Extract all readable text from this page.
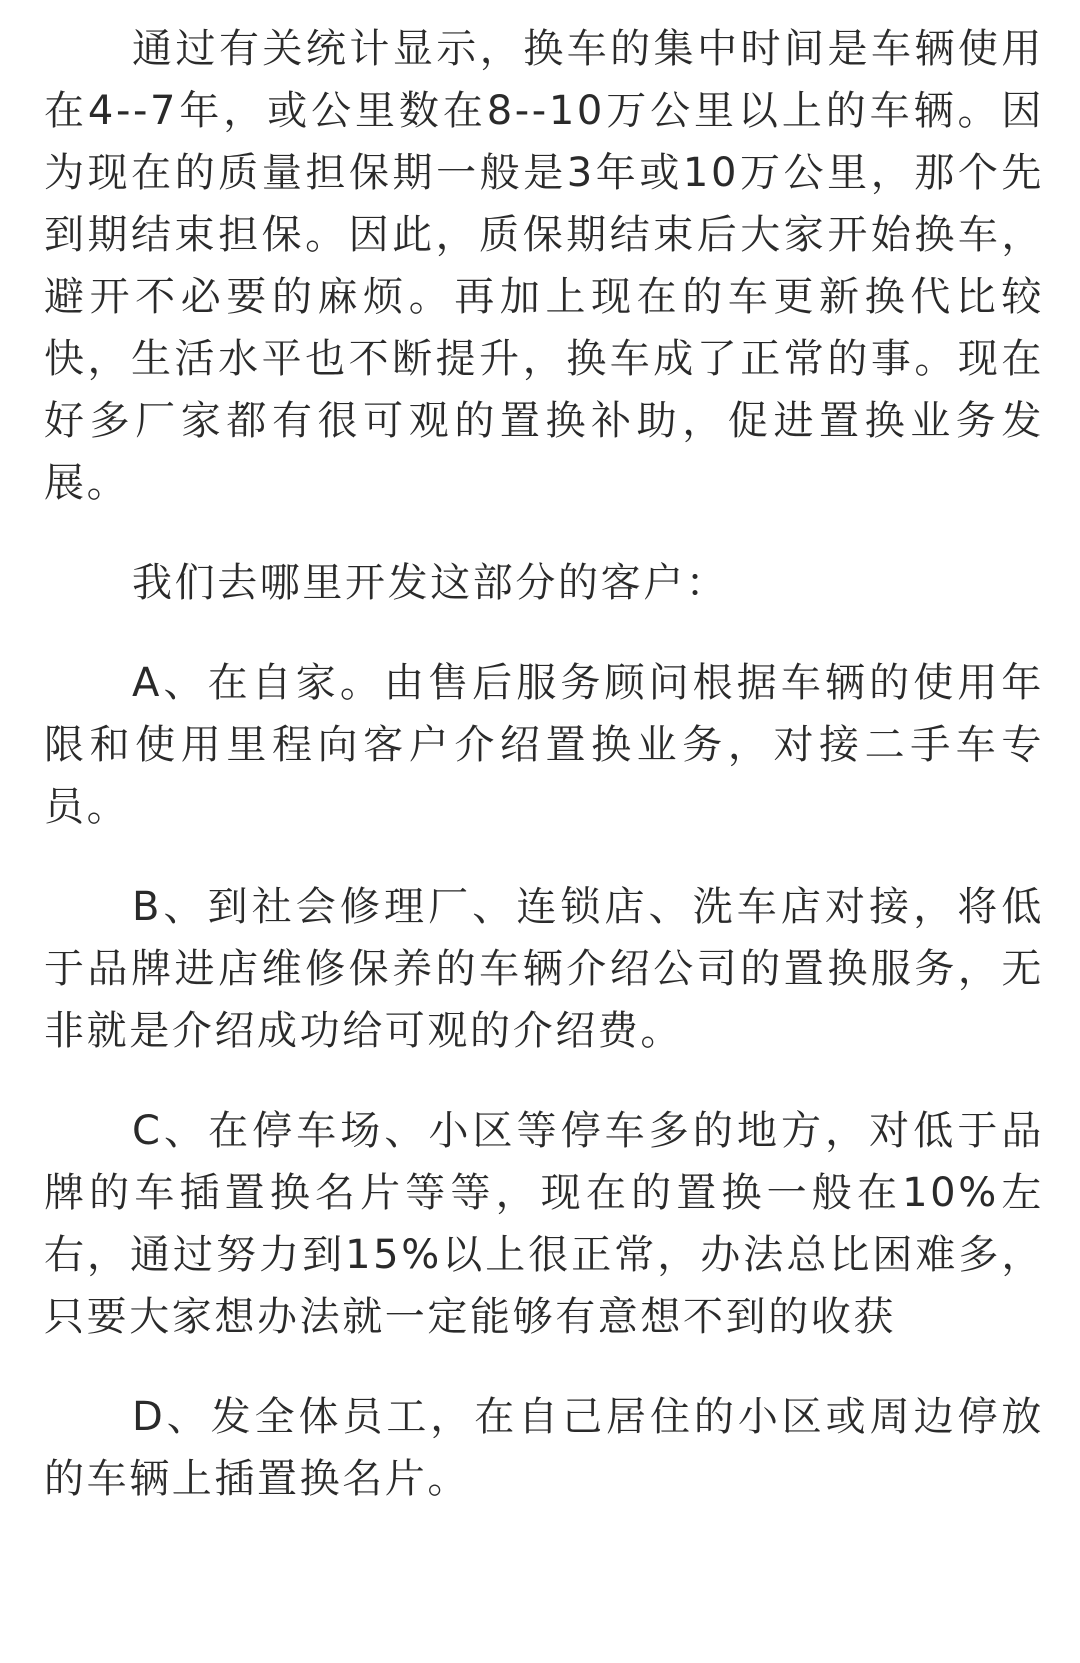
通过有关统计显示，换车的集中时间是车辆使用在4--7年，或公里数在8--10万公里以上的车辆。因为现在的质量担保期一般是3年或10万公里，那个先到期结束担保。因此，质保期结束后大家开始换车，避开不必要的麻烦。再加上现在的车更新换代比较快，生活水平也不断提升，换车成了正常的事。现在好多厂家都有很可观的置换补助，促进置换业务发展。

我们去哪里开发这部分的客户：

A、在自家。由售后服务顾问根据车辆的使用年限和使用里程向客户介绍置换业务，对接二手车专员。

B、到社会修理厂、连锁店、洗车店对接，将低于品牌进店维修保养的车辆介绍公司的置换服务，无非就是介绍成功给可观的介绍费。

C、在停车场、小区等停车多的地方，对低于品牌的车插置换名片等等，现在的置换一般在10%左右，通过努力到15%以上很正常，办法总比困难多，只要大家想办法就一定能够有意想不到的收获

D、发全体员工，在自己居住的小区或周边停放的车辆上插置换名片。
